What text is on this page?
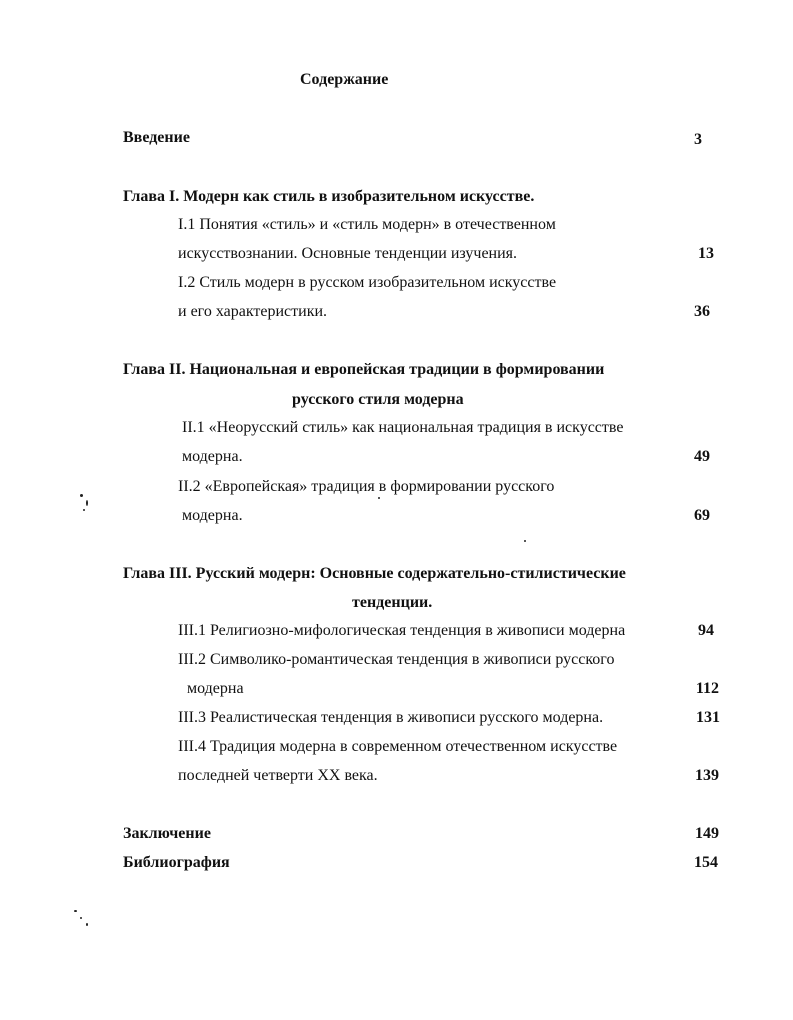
Содержание
Введение	3
Глава I. Модерн как стиль в изобразительном искусстве.
I.1 Понятия «стиль» и «стиль модерн» в отечественном
искусствознании. Основные тенденции изучения.	13
I.2 Стиль модерн в русском изобразительном искусстве
и его характеристики.	36
Глава II. Национальная и европейская традиции в формировании
русского стиля модерна
II.1 «Неорусский стиль» как национальная традиция в искусстве
модерна.	49
II.2 «Европейская» традиция в формировании русского
модерна.	69
Глава III. Русский модерн: Основные содержательно-стилистические
тенденции.
III.1 Религиозно-мифологическая тенденция в живописи модерна	94
III.2 Символико-романтическая тенденция в живописи русского
модерна	112
III.3 Реалистическая тенденция в живописи русского модерна.	131
III.4 Традиция модерна в современном отечественном искусстве
последней четверти XX века.	139
Заключение	149
Библиография	154
